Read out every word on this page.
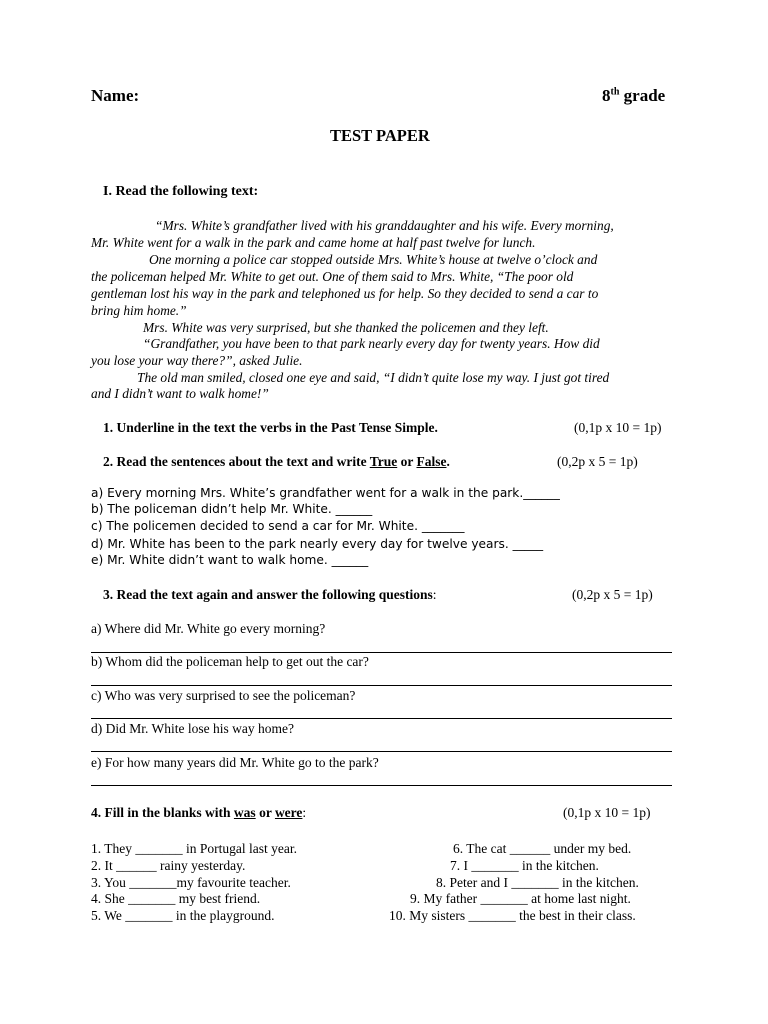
Name:	8th grade
TEST PAPER
I. Read the following text:
“Mrs. White’s grandfather lived with his granddaughter and his wife. Every morning,
Mr. White went for a walk in the park and came home at half past twelve for lunch.
One morning a police car stopped outside Mrs. White’s house at twelve o’clock and
the policeman helped Mr. White to get out. One of them said to Mrs. White, “The poor old
gentleman lost his way in the park and telephoned us for help. So they decided to send a car to
bring him home.”
Mrs. White was very surprised, but she thanked the policemen and they left.
“Grandfather, you have been to that park nearly every day for twenty years. How did
you lose your way there?”, asked Julie.
The old man smiled, closed one eye and said, “I didn’t quite lose my way. I just got tired
and I didn’t want to walk home!”
1. Underline in the text the verbs in the Past Tense Simple.	(0,1p x 10 = 1p)
2. Read the sentences about the text and write True or False.	(0,2p x 5 = 1p)
a) Every morning Mrs. White’s grandfather went for a walk in the park.______
b) The policeman didn’t help Mr. White. ______
c) The policemen decided to send a car for Mr. White. _______
d) Mr. White has been to the park nearly every day for twelve years. _____
e) Mr. White didn’t want to walk home. ______
3. Read the text again and answer the following questions:	(0,2p x 5 = 1p)
a) Where did Mr. White go every morning?
b) Whom did the policeman help to get out the car?
c) Who was very surprised to see the policeman?
d) Did Mr. White lose his way home?
e) For how many years did Mr. White go to the park?
4. Fill in the blanks with was or were:	(0,1p x 10 = 1p)
1. They _______ in Portugal last year.
2. It ______ rainy yesterday.
3. You _______my favourite teacher.
4. She _______ my best friend.
5. We _______ in the playground.
6. The cat ______ under my bed.
7. I _______ in the kitchen.
8. Peter and I _______ in the kitchen.
9. My father _______ at home last night.
10. My sisters _______ the best in their class.
